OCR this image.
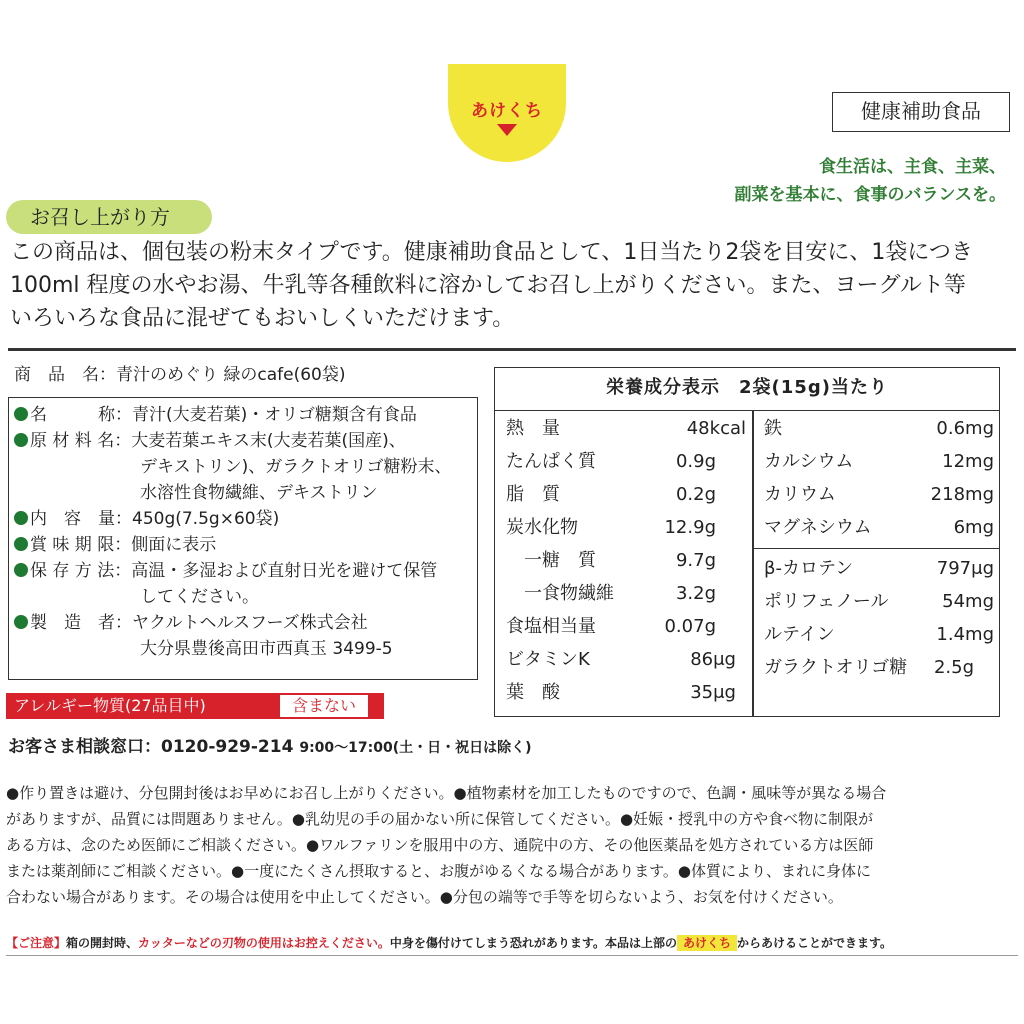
あけくち	健康補助食品
食生活は、主食、主菜、
副菜を基本に、食事のバランスを。
お召し上がり方
この商品は、個包装の粉末タイプです。健康補助食品として、1日当たり2袋を目安に、1袋につき
100ml 程度の水やお湯、牛乳等各種飲料に溶かしてお召し上がりください。また、ヨーグルト等
いろいろな食品に混ぜてもおいしくいただけます。
商　品　名：青汁のめぐり 緑のcafe(60袋)
名　　　称：青汁(大麦若葉)・オリゴ糖類含有食品
原 材 料 名：大麦若葉エキス末(大麦若葉(国産)、
デキストリン)、ガラクトオリゴ糖粉末、
水溶性食物繊維、デキストリン
内　容　量：450g(7.5g×60袋)
賞 味 期 限：側面に表示
保 存 方 法：高温・多湿および直射日光を避けて保管
してください。
製　造　者：ヤクルトヘルスフーズ株式会社
大分県豊後高田市西真玉 3499-5
栄養成分表示　2袋(15g)当たり
熱　量	48kcal
たんぱく質	0.9g
脂　質	0.2g
炭水化物	12.9g
一糖　質	9.7g
一食物繊維	3.2g
食塩相当量	0.07g
ビタミンK	86μg
葉　酸	35μg
鉄	0.6mg
カルシウム	12mg
カリウム	218mg
マグネシウム	6mg
β-カロテン	797μg
ポリフェノール	54mg
ルテイン	1.4mg
ガラクトオリゴ糖 2.5g
アレルギー物質(27品目中)	含まない
お客さま相談窓口：0120-929-214 9:00〜17:00(土・日・祝日は除く)
●作り置きは避け、分包開封後はお早めにお召し上がりください。●植物素材を加工したものですので、色調・風味等が異なる場合
がありますが、品質には問題ありません。●乳幼児の手の届かない所に保管してください。●妊娠・授乳中の方や食べ物に制限が
ある方は、念のため医師にご相談ください。●ワルファリンを服用中の方、通院中の方、その他医薬品を処方されている方は医師
または薬剤師にご相談ください。●一度にたくさん摂取すると、お腹がゆるくなる場合があります。●体質により、まれに身体に
合わない場合があります。その場合は使用を中止してください。●分包の端等で手等を切らないよう、お気を付けください。
【ご注意】箱の開封時、カッターなどの刃物の使用はお控えください。中身を傷付けてしまう恐れがあります。本品は上部の あけくち からあけることができます。
